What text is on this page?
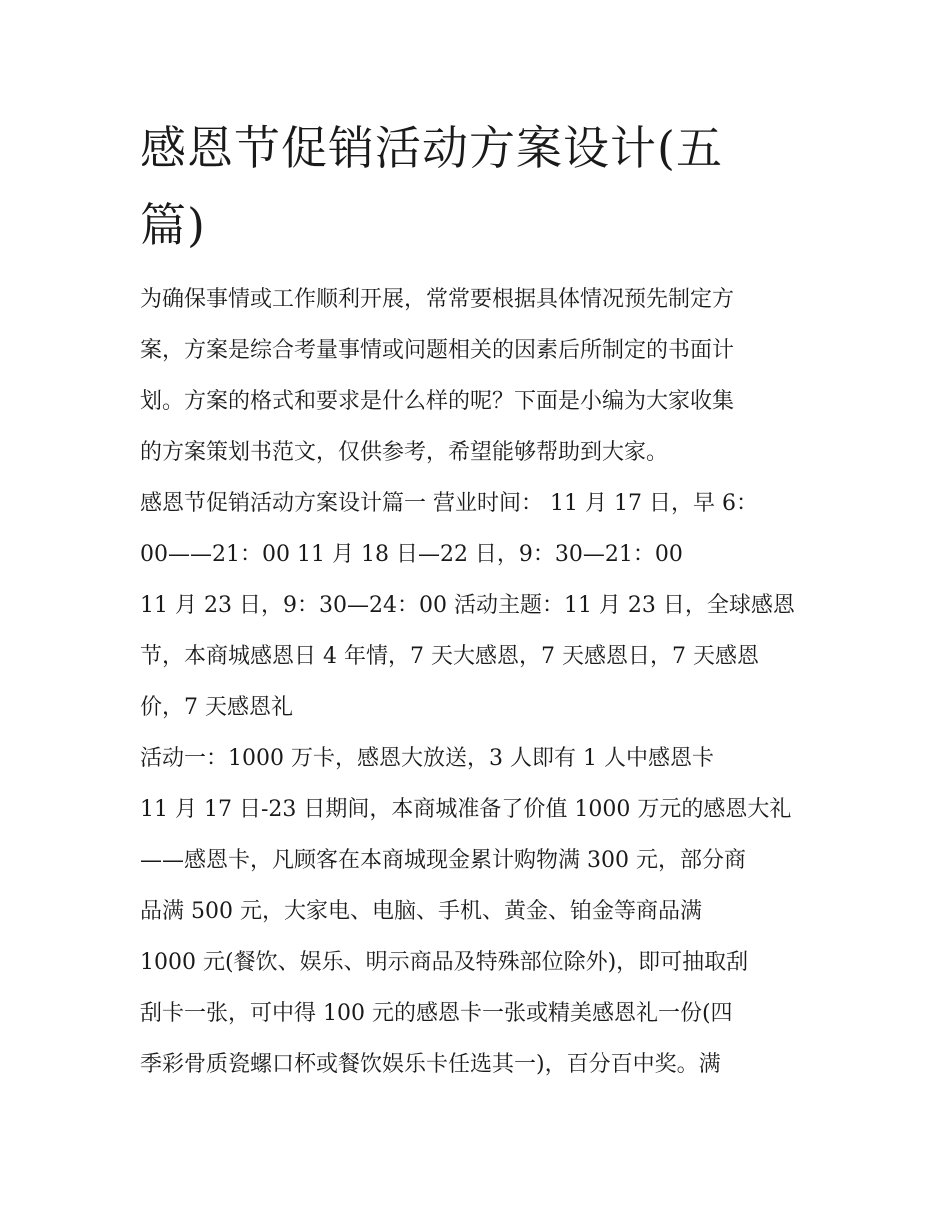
感恩节促销活动方案设计(五
篇)
为确保事情或工作顺利开展，常常要根据具体情况预先制定方
案，方案是综合考量事情或问题相关的因素后所制定的书面计
划。方案的格式和要求是什么样的呢？下面是小编为大家收集
的方案策划书范文，仅供参考，希望能够帮助到大家。
感恩节促销活动方案设计篇一 营业时间： 11 月 17 日，早 6：
00——21：00 11 月 18 日—22 日，9：30—21：00
11 月 23 日，9：30—24：00 活动主题：11 月 23 日，全球感恩
节，本商城感恩日 4 年情，7 天大感恩，7 天感恩日，7 天感恩
价，7 天感恩礼
活动一：1000 万卡，感恩大放送，3 人即有 1 人中感恩卡
11 月 17 日-23 日期间，本商城准备了价值 1000 万元的感恩大礼
——感恩卡，凡顾客在本商城现金累计购物满 300 元，部分商
品满 500 元，大家电、电脑、手机、黄金、铂金等商品满
1000 元(餐饮、娱乐、明示商品及特殊部位除外)，即可抽取刮
刮卡一张，可中得 100 元的感恩卡一张或精美感恩礼一份(四
季彩骨质瓷螺口杯或餐饮娱乐卡任选其一)，百分百中奖。满
